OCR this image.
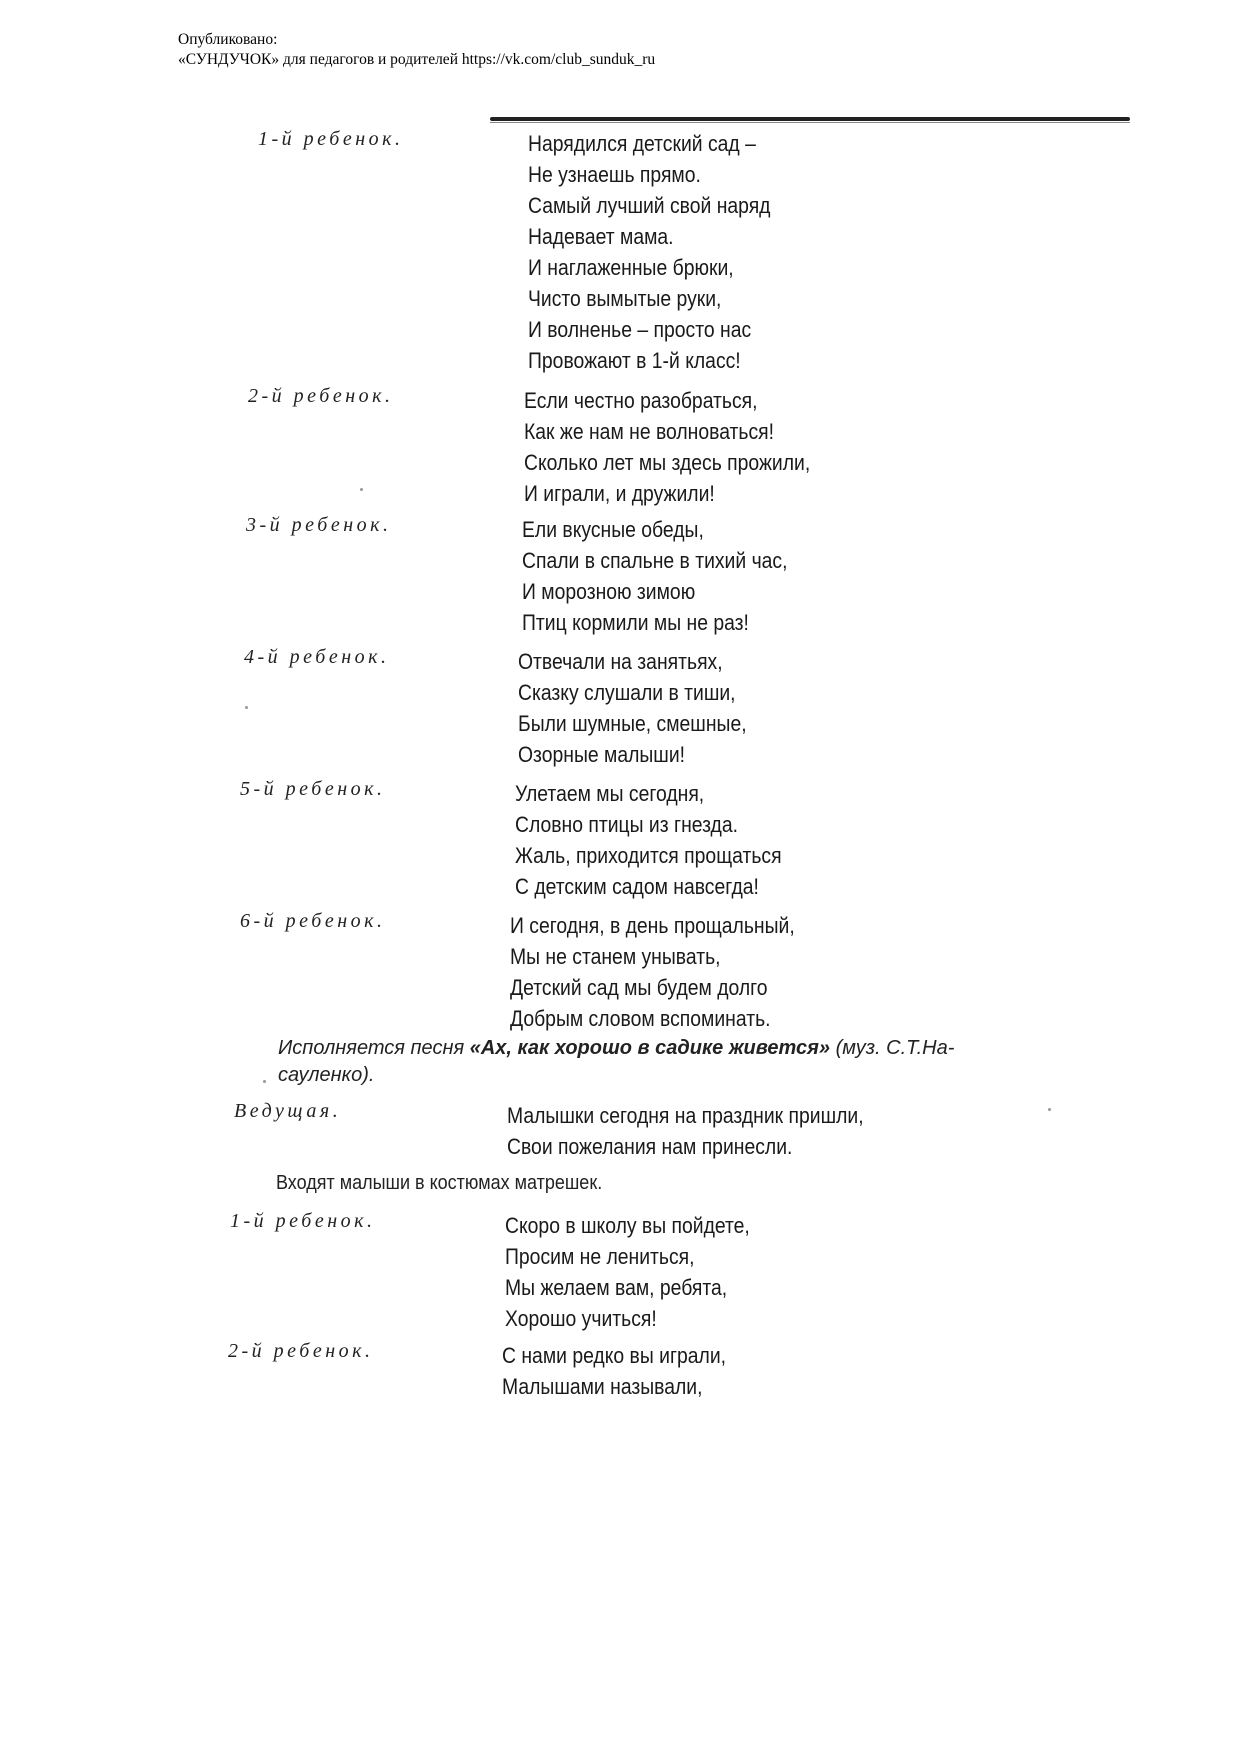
Опубликовано:
«СУНДУЧОК» для педагогов и родителей https://vk.com/club_sunduk_ru
1-й ребенок.	Нарядился детский сад –
Не узнаешь прямо.
Самый лучший свой наряд
Надевает мама.
И наглаженные брюки,
Чисто вымытые руки,
И волненье – просто нас
Провожают в 1-й класс!
2-й ребенок.	Если честно разобраться,
Как же нам не волноваться!
Сколько лет мы здесь прожили,
И играли, и дружили!
3-й ребенок.	Ели вкусные обеды,
Спали в спальне в тихий час,
И морозною зимою
Птиц кормили мы не раз!
4-й ребенок.	Отвечали на занятьях,
Сказку слушали в тиши,
Были шумные, смешные,
Озорные малыши!
5-й ребенок.	Улетаем мы сегодня,
Словно птицы из гнезда.
Жаль, приходится прощаться
С детским садом навсегда!
6-й ребенок.	И сегодня, в день прощальный,
Мы не станем унывать,
Детский сад мы будем долго
Добрым словом вспоминать.
Исполняется песня «Ах, как хорошо в садике живется» (муз. С.Т.На-
сауленко).
Ведущая.	Малышки сегодня на праздник пришли,
Свои пожелания нам принесли.
Входят малыши в костюмах матрешек.
1-й ребенок.	Скоро в школу вы пойдете,
Просим не лениться,
Мы желаем вам, ребята,
Хорошо учиться!
2-й ребенок.	С нами редко вы играли,
Малышами называли,
